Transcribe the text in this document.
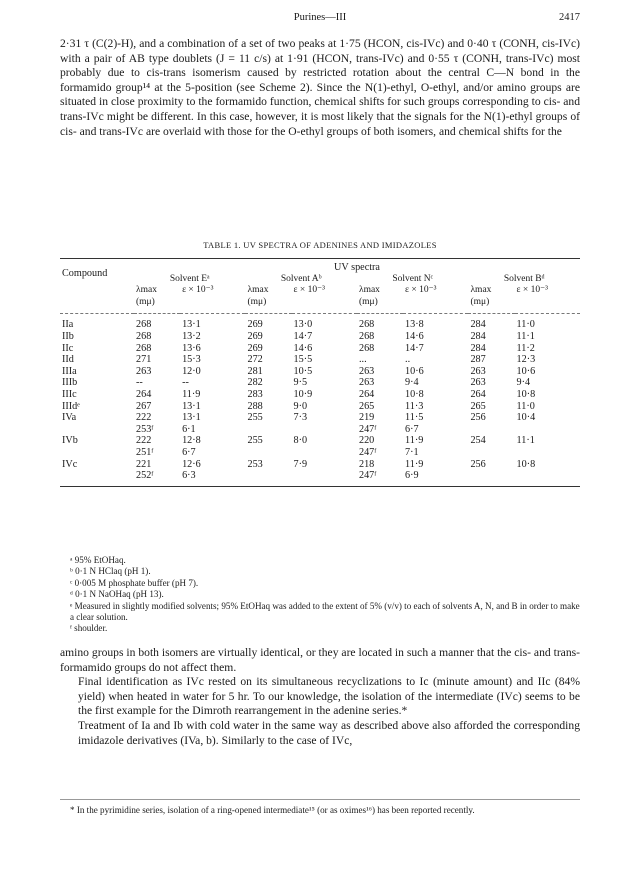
Purines—III	2417

2·31 τ (C(2)-H), and a combination of a set of two peaks at 1·75 (HCON, cis-IVc) and 0·40 τ (CONH, cis-IVc) with a pair of AB type doublets (J = 11 c/s) at 1·91 (HCON, trans-IVc) and 0·55 τ (CONH, trans-IVc) most probably due to cis-trans isomerism caused by restricted rotation about the central C—N bond in the formamido group¹⁴ at the 5-position (see Scheme 2). Since the N(1)-ethyl, O-ethyl, and/or amino groups are situated in close proximity to the formamido function, chemical shifts for such groups corresponding to cis- and trans-IVc might be different. In this case, however, it is most likely that the signals for the N(1)-ethyl groups of cis- and trans-IVc are overlaid with those for the O-ethyl groups of both isomers, and chemical shifts for the

TABLE 1. UV SPECTRA OF ADENINES AND IMIDAZOLES
Compound	UV spectra							
	Solvent Eᵃ		Solvent Aᵇ		Solvent Nᶜ		Solvent Bᵈ	
	λmax	ε × 10⁻³	λmax	ε × 10⁻³	λmax	ε × 10⁻³	λmax	ε × 10⁻³
	(mμ)		(mμ)		(mμ)		(mμ)	
IIa	268	13·1	269	13·0	268	13·8	284	11·0
IIb	268	13·2	269	14·7	268	14·6	284	11·1
IIc	268	13·6	269	14·6	268	14·7	284	11·2
IId	271	15·3	272	15·5	...	..	287	12·3
IIIa	263	12·0	281	10·5	263	10·6	263	10·6
IIIb	--	--	282	9·5	263	9·4	263	9·4
IIIc	264	11·9	283	10·9	264	10·8	264	10·8
IIIdᵉ	267	13·1	288	9·0	265	11·3	265	11·0
IVa	222	13·1	255	7·3	219	11·5	256	10·4
	253ᶠ	6·1			247ᶠ	6·7		
IVb	222	12·8	255	8·0	220	11·9	254	11·1
	251ᶠ	6·7			247ᶠ	7·1		
IVc	221	12·6	253	7·9	218	11·9	256	10·8
	252ᶠ	6·3			247ᶠ	6·9		

ᵃ 95% EtOHaq.

ᵇ 0·1 N HClaq (pH 1).

ᶜ 0·005 M phosphate buffer (pH 7).

ᵈ 0·1 N NaOHaq (pH 13).

ᵉ Measured in slightly modified solvents; 95% EtOHaq was added to the extent of 5% (v/v) to each of solvents A, N, and B in order to make a clear solution.

ᶠ shoulder.

amino groups in both isomers are virtually identical, or they are located in such a manner that the cis- and trans-formamido groups do not affect them.
Final identification as IVc rested on its simultaneous recyclizations to Ic (minute amount) and IIc (84% yield) when heated in water for 5 hr. To our knowledge, the isolation of the intermediate (IVc) seems to be the first example for the Dimroth rearrangement in the adenine series.*
Treatment of Ia and Ib with cold water in the same way as described above also afforded the corresponding imidazole derivatives (IVa, b). Similarly to the case of IVc,
* In the pyrimidine series, isolation of a ring-opened intermediate¹⁵ (or as oximes¹⁶) has been reported recently.
